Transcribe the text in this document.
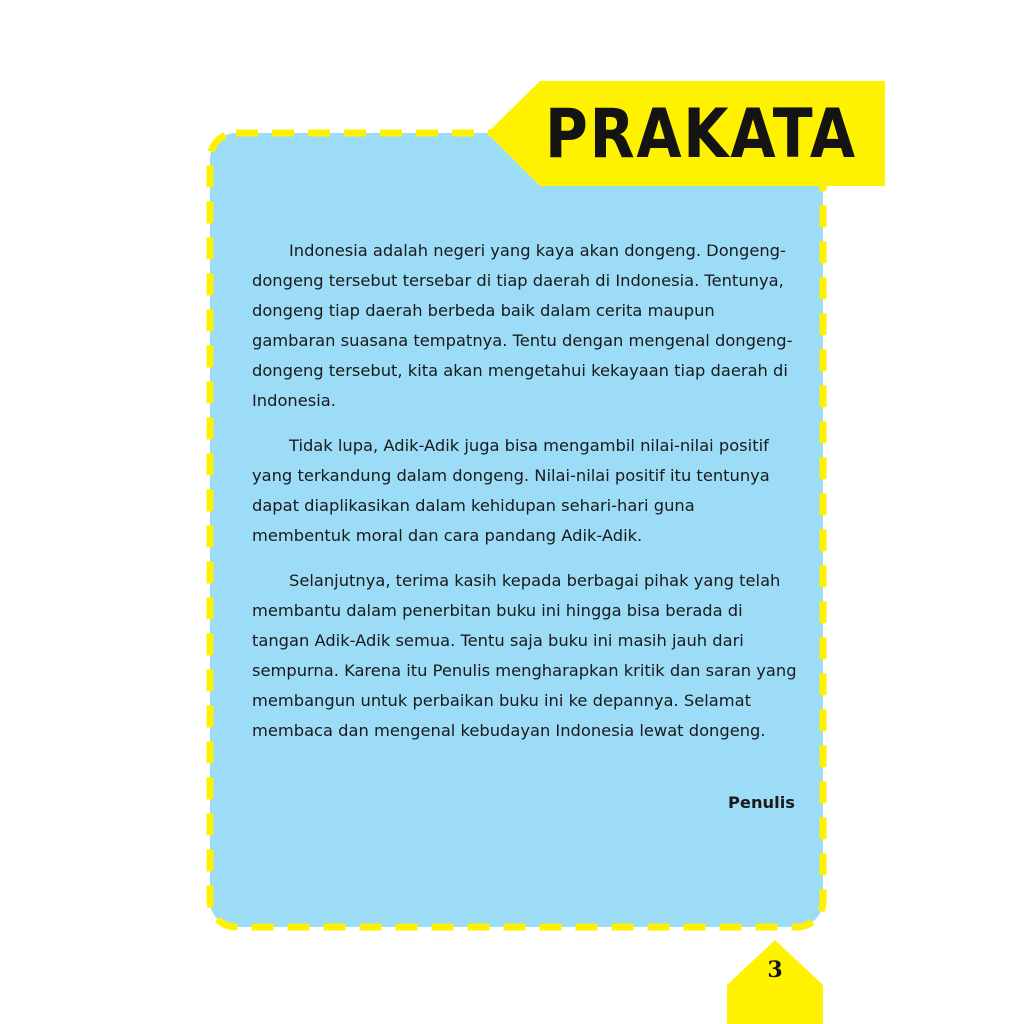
PRAKATA

Indonesia adalah negeri yang kaya akan dongeng. Dongeng-dongeng tersebut tersebar di tiap daerah di Indonesia. Tentunya, dongeng tiap daerah berbeda baik dalam cerita maupun gambaran suasana tempatnya. Tentu dengan mengenal dongeng-dongeng tersebut, kita akan mengetahui kekayaan tiap daerah di Indonesia.

Tidak lupa, Adik-Adik juga bisa mengambil nilai-nilai positif yang terkandung dalam dongeng. Nilai-nilai positif itu tentunya dapat diaplikasikan dalam kehidupan sehari-hari guna membentuk moral dan cara pandang Adik-Adik.

Selanjutnya, terima kasih kepada berbagai pihak yang telah membantu dalam penerbitan buku ini hingga bisa berada di tangan Adik-Adik semua. Tentu saja buku ini masih jauh dari sempurna. Karena itu Penulis mengharapkan kritik dan saran yang membangun untuk perbaikan buku ini ke depannya. Selamat membaca dan mengenal kebudayan Indonesia lewat dongeng.

Penulis
3
